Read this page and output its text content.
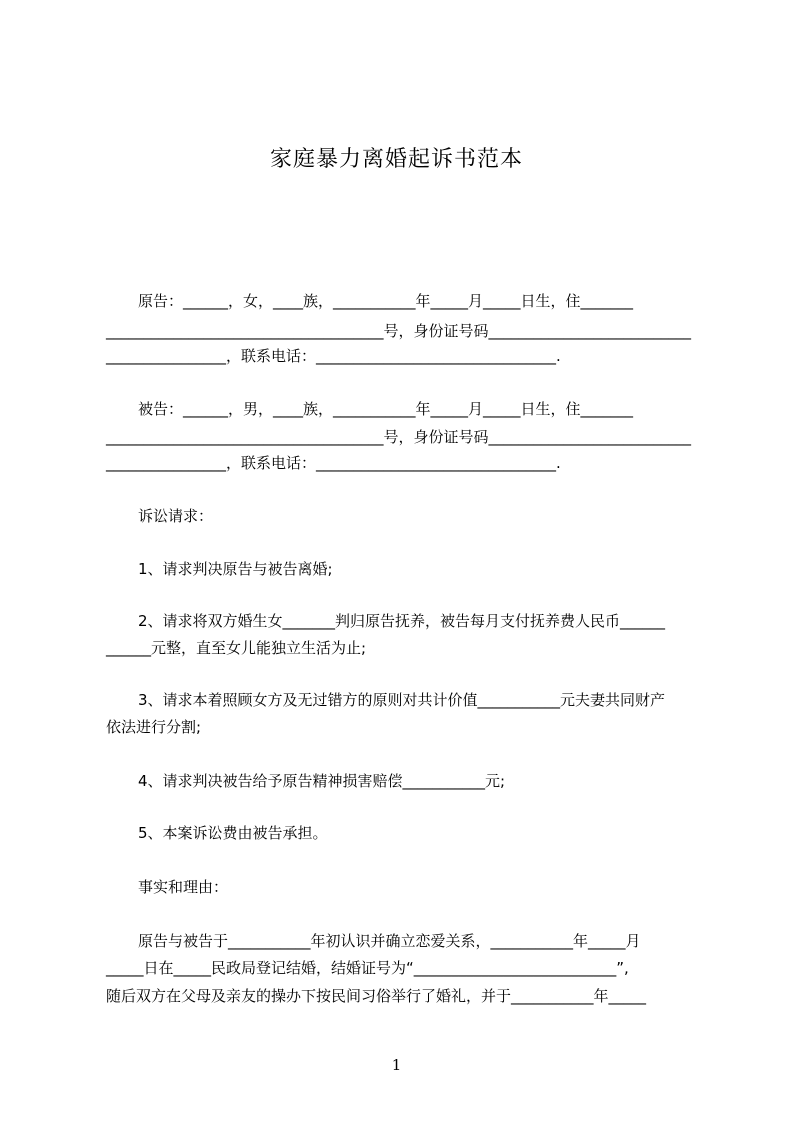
家庭暴力离婚起诉书范本
原告：______，女，____族，___________年_____月_____日生，住_______
_____________________________________号，身份证号码___________________________
________________，联系电话：________________________________.
被告：______，男，____族，___________年_____月_____日生，住_______
_____________________________________号，身份证号码___________________________
________________，联系电话：________________________________.
诉讼请求：
1、请求判决原告与被告离婚;
2、请求将双方婚生女_______判归原告抚养，被告每月支付抚养费人民币______
______元整，直至女儿能独立生活为止;
3、请求本着照顾女方及无过错方的原则对共计价值___________元夫妻共同财产
依法进行分割;
4、请求判决被告给予原告精神损害赔偿___________元;
5、本案诉讼费由被告承担。
事实和理由：
原告与被告于___________年初认识并确立恋爱关系，___________年_____月
_____日在_____民政局登记结婚，结婚证号为“___________________________”,
随后双方在父母及亲友的操办下按民间习俗举行了婚礼，并于___________年_____
1
